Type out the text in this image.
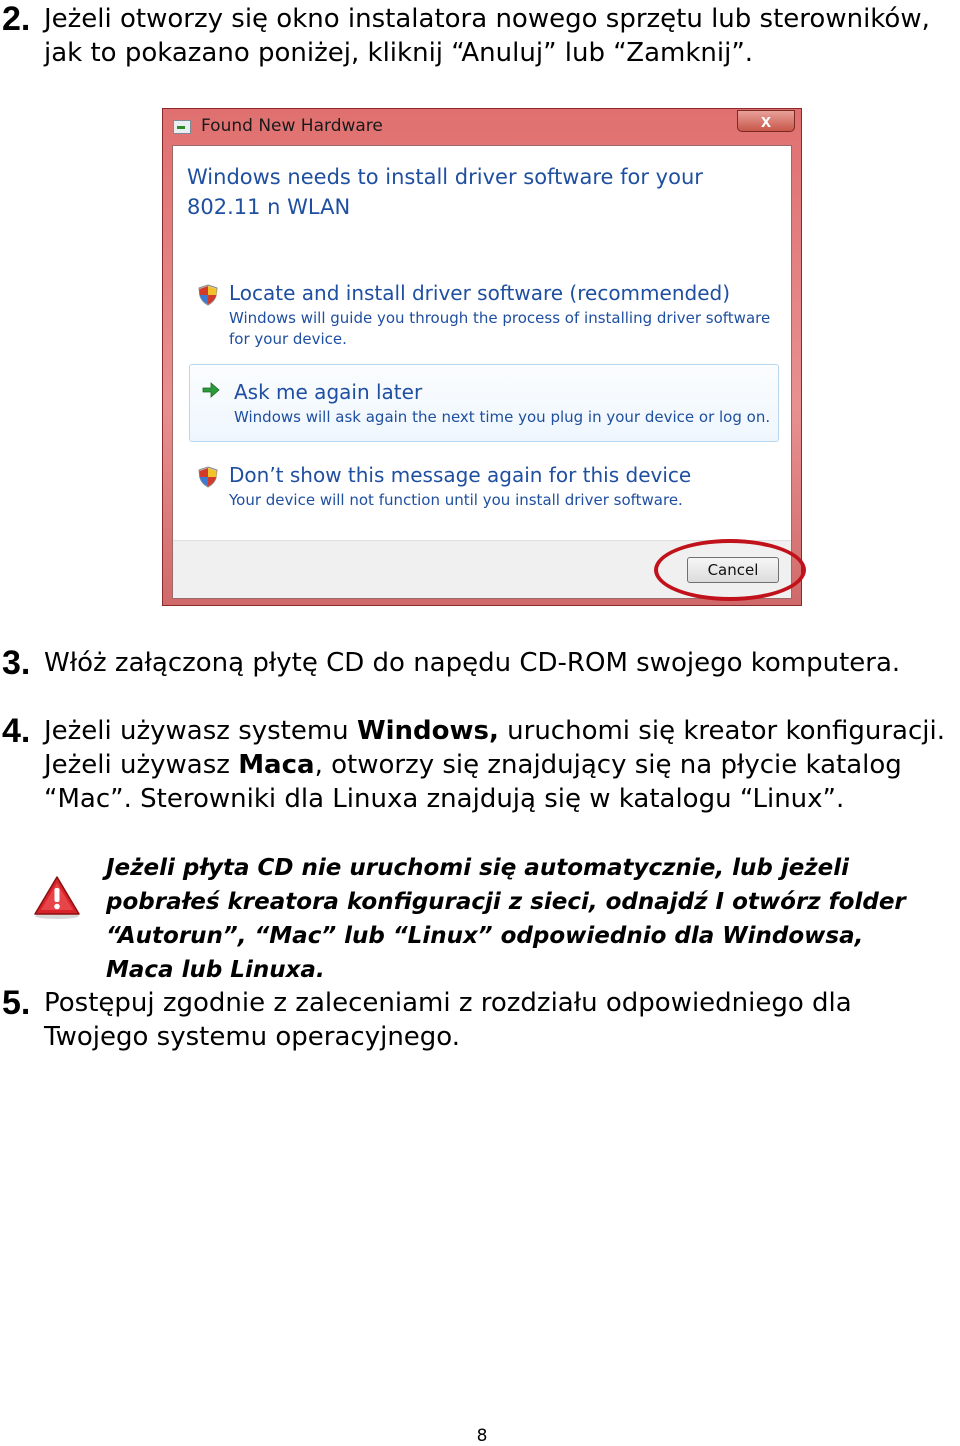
2. Jeżeli otworzy się okno instalatora nowego sprzętu lub sterowników, jak to pokazano poniżej, kliknij “Anuluj” lub “Zamknij”.
Found New Hardware	x
Windows needs to install driver software for your 802.11 n WLAN
Locate and install driver software (recommended)
Windows will guide you through the process of installing driver software for your device.
Ask me again later
Windows will ask again the next time you plug in your device or log on.
Don’t show this message again for this device
Your device will not function until you install driver software.
Cancel
3. Włóż załączoną płytę CD do napędu CD-ROM swojego komputera.
4. Jeżeli używasz systemu Windows, uruchomi się kreator konfiguracji. Jeżeli używasz Maca, otworzy się znajdujący się na płycie katalog “Mac”. Sterowniki dla Linuxa znajdują się w katalogu “Linux”.
Jeżeli płyta CD nie uruchomi się automatycznie, lub jeżeli pobrałeś kreatora konfiguracji z sieci, odnajdź I otwórz folder “Autorun”, “Mac” lub “Linux” odpowiednio dla Windowsa, Maca lub Linuxa.
5. Postępuj zgodnie z zaleceniami z rozdziału odpowiedniego dla Twojego systemu operacyjnego.
8
